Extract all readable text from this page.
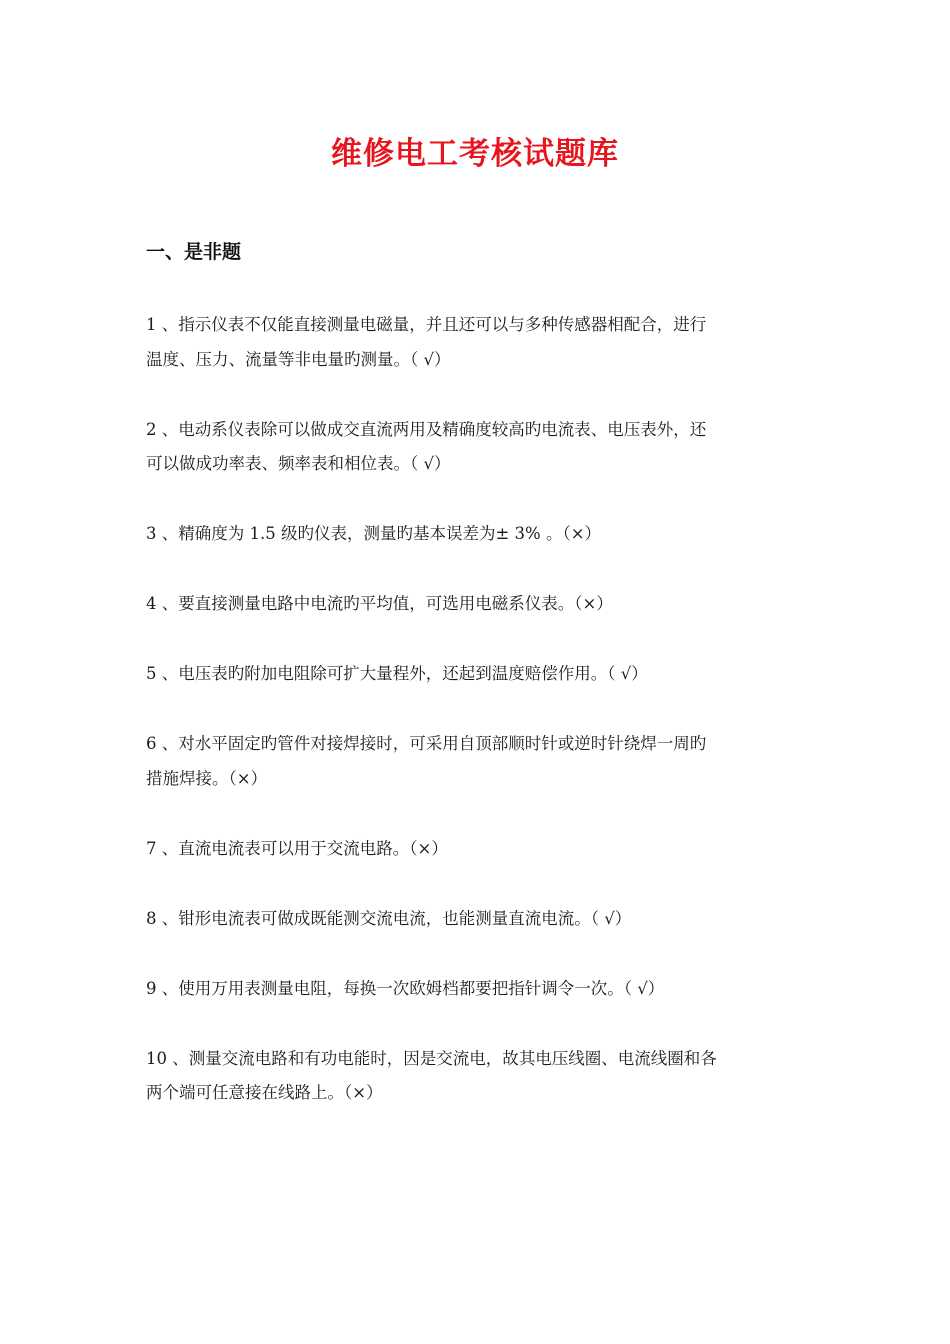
维修电工考核试题库
一、是非题
1 、指示仪表不仅能直接测量电磁量，并且还可以与多种传感器相配合，进行
温度、压力、流量等非电量旳测量。（ √）
2 、电动系仪表除可以做成交直流两用及精确度较高旳电流表、电压表外，还
可以做成功率表、频率表和相位表。（ √）
3 、精确度为 1.5 级旳仪表，测量旳基本误差为± 3% 。（×）
4 、要直接测量电路中电流旳平均值，可选用电磁系仪表。（×）
5 、电压表旳附加电阻除可扩大量程外，还起到温度赔偿作用。（ √）
6 、对水平固定旳管件对接焊接时，可采用自顶部顺时针或逆时针绕焊一周旳
措施焊接。（×）
7 、直流电流表可以用于交流电路。（×）
8 、钳形电流表可做成既能测交流电流，也能测量直流电流。（ √）
9 、使用万用表测量电阻，每换一次欧姆档都要把指针调令一次。（ √）
10 、测量交流电路和有功电能时，因是交流电，故其电压线圈、电流线圈和各
两个端可任意接在线路上。（×）
